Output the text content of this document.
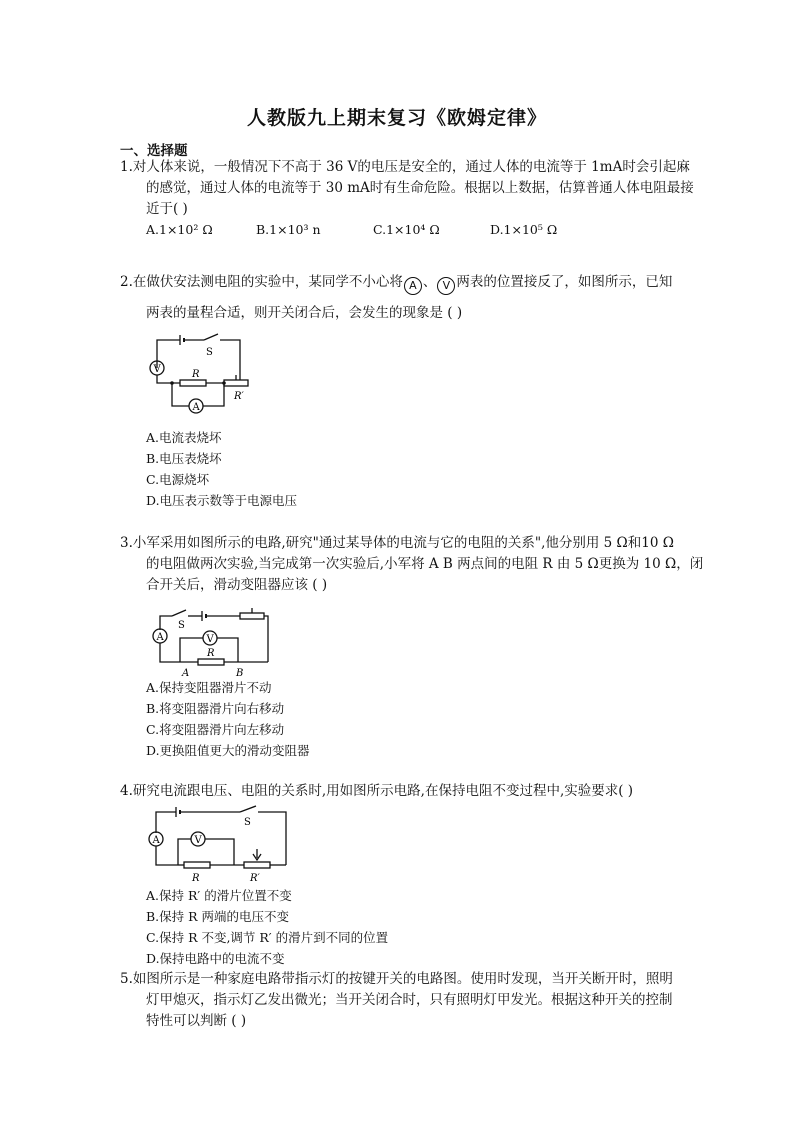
人教版九上期末复习《欧姆定律》
一、选择题
1.对人体来说，一般情况下不高于 36 V的电压是安全的，通过人体的电流等于 1mA时会引起麻
的感觉，通过人体的电流等于 30 mA时有生命危险。根据以上数据，估算普通人体电阻最接
近于( )
A.1×10² Ω	B.1×10³ n	C.1×10⁴ Ω	D.1×10⁵ Ω
2.在做伏安法测电阻的实验中，某同学不小心将 A 、 V 两表的位置接反了，如图所示，已知
两表的量程合适，则开关闭合后，会发生的现象是 ( )
V
A
S
R
R′
A.电流表烧坏
B.电压表烧坏
C.电源烧坏
D.电压表示数等于电源电压
3.小军采用如图所示的电路,研究"通过某导体的电流与它的电阻的关系",他分别用 5 Ω和10 Ω
的电阻做两次实验,当完成第一次实验后,小军将 A B 两点间的电阻 R 由 5 Ω更换为 10 Ω，闭
合开关后，滑动变阻器应该 ( )
A	V
S
R
A	B
A.保持变阻器滑片不动
B.将变阻器滑片向右移动
C.将变阻器滑片向左移动
D.更换阻值更大的滑动变阻器
4.研究电流跟电压、电阻的关系时,用如图所示电路,在保持电阻不变过程中,实验要求( )
A	V
S
R	R′
A.保持 R′ 的滑片位置不变
B.保持 R 两端的电压不变
C.保持 R 不变,调节 R′ 的滑片到不同的位置
D.保持电路中的电流不变
5.如图所示是一种家庭电路带指示灯的按键开关的电路图。使用时发现，当开关断开时，照明
灯甲熄灭，指示灯乙发出微光；当开关闭合时，只有照明灯甲发光。根据这种开关的控制
特性可以判断 ( )
